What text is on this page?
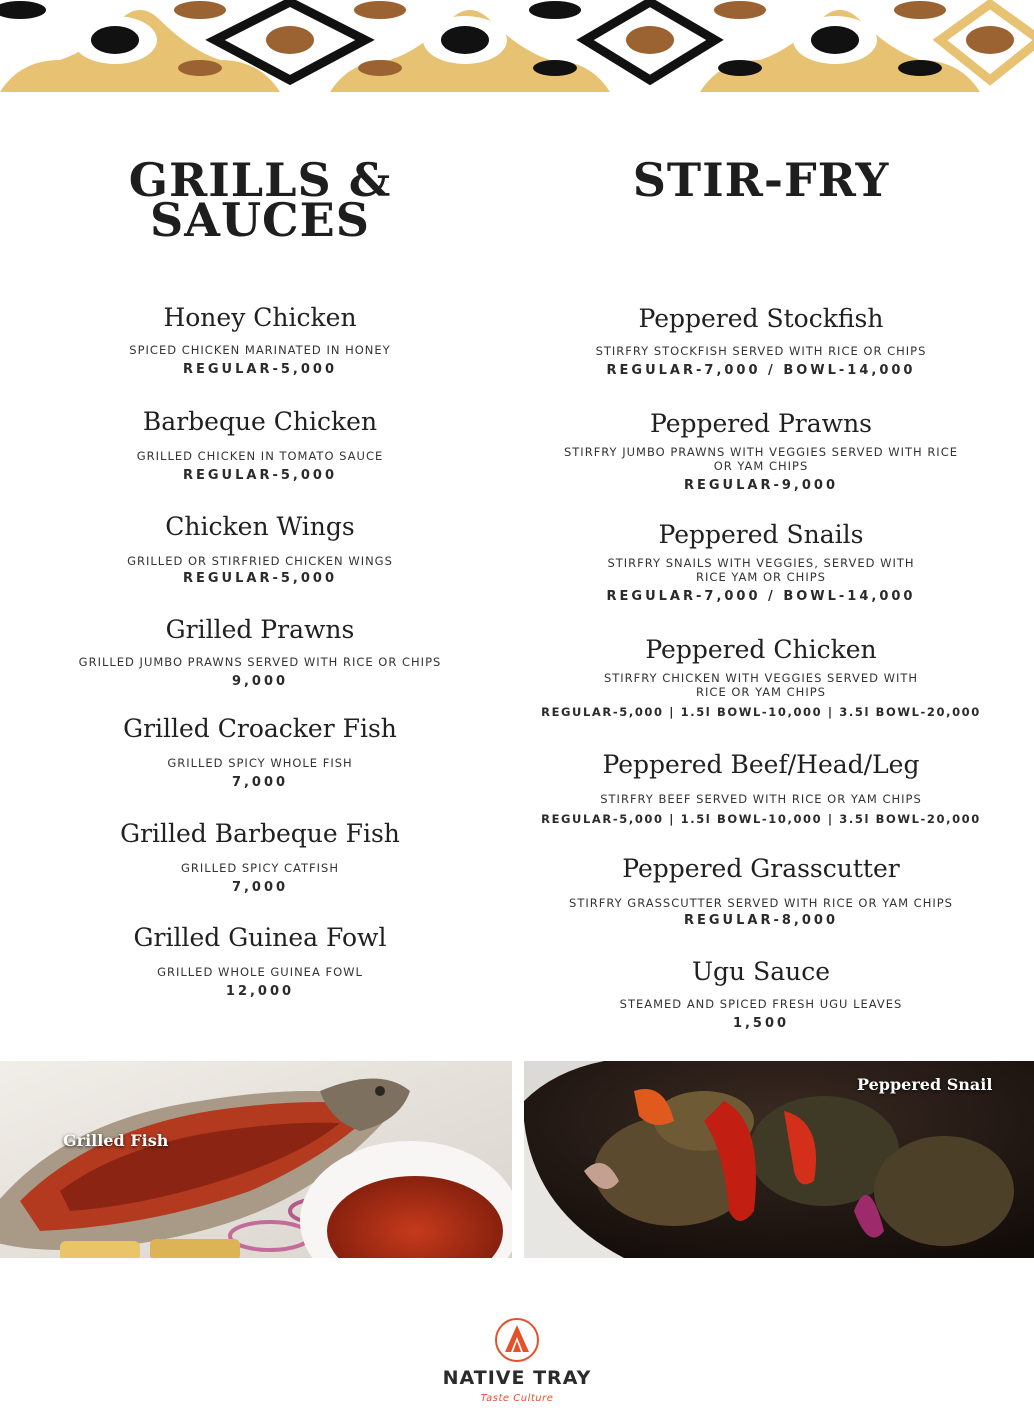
GRILLS &
SAUCES

Honey Chicken

SPICED CHICKEN MARINATED IN HONEY

REGULAR-5,000

Barbeque Chicken

GRILLED CHICKEN IN TOMATO SAUCE

REGULAR-5,000

Chicken Wings

GRILLED OR STIRFRIED CHICKEN WINGS

REGULAR-5,000

Grilled Prawns

GRILLED JUMBO PRAWNS SERVED WITH RICE OR CHIPS

9,000

Grilled Croacker Fish

GRILLED SPICY WHOLE FISH

7,000

Grilled Barbeque Fish

GRILLED SPICY CATFISH

7,000

Grilled Guinea Fowl

GRILLED WHOLE GUINEA FOWL

12,000

STIR-FRY

Peppered Stockfish

STIRFRY STOCKFISH SERVED WITH RICE OR CHIPS

REGULAR-7,000 / BOWL-14,000

Peppered Prawns

STIRFRY JUMBO PRAWNS WITH VEGGIES SERVED WITH RICE OR YAM CHIPS

REGULAR-9,000

Peppered Snails

STIRFRY SNAILS WITH VEGGIES, SERVED WITH RICE YAM OR CHIPS

REGULAR-7,000 / BOWL-14,000

Peppered Chicken

STIRFRY CHICKEN WITH VEGGIES SERVED WITH RICE OR YAM CHIPS

REGULAR-5,000 | 1.5l BOWL-10,000 | 3.5l BOWL-20,000

Peppered Beef/Head/Leg

STIRFRY BEEF SERVED WITH RICE OR YAM CHIPS

REGULAR-5,000 | 1.5l BOWL-10,000 | 3.5l BOWL-20,000

Peppered Grasscutter

STIRFRY GRASSCUTTER SERVED WITH RICE OR YAM CHIPS

REGULAR-8,000

Ugu Sauce

STEAMED AND SPICED FRESH UGU LEAVES

1,500

Grilled Fish
Peppered Snail
NATIVE TRAY
Taste Culture
